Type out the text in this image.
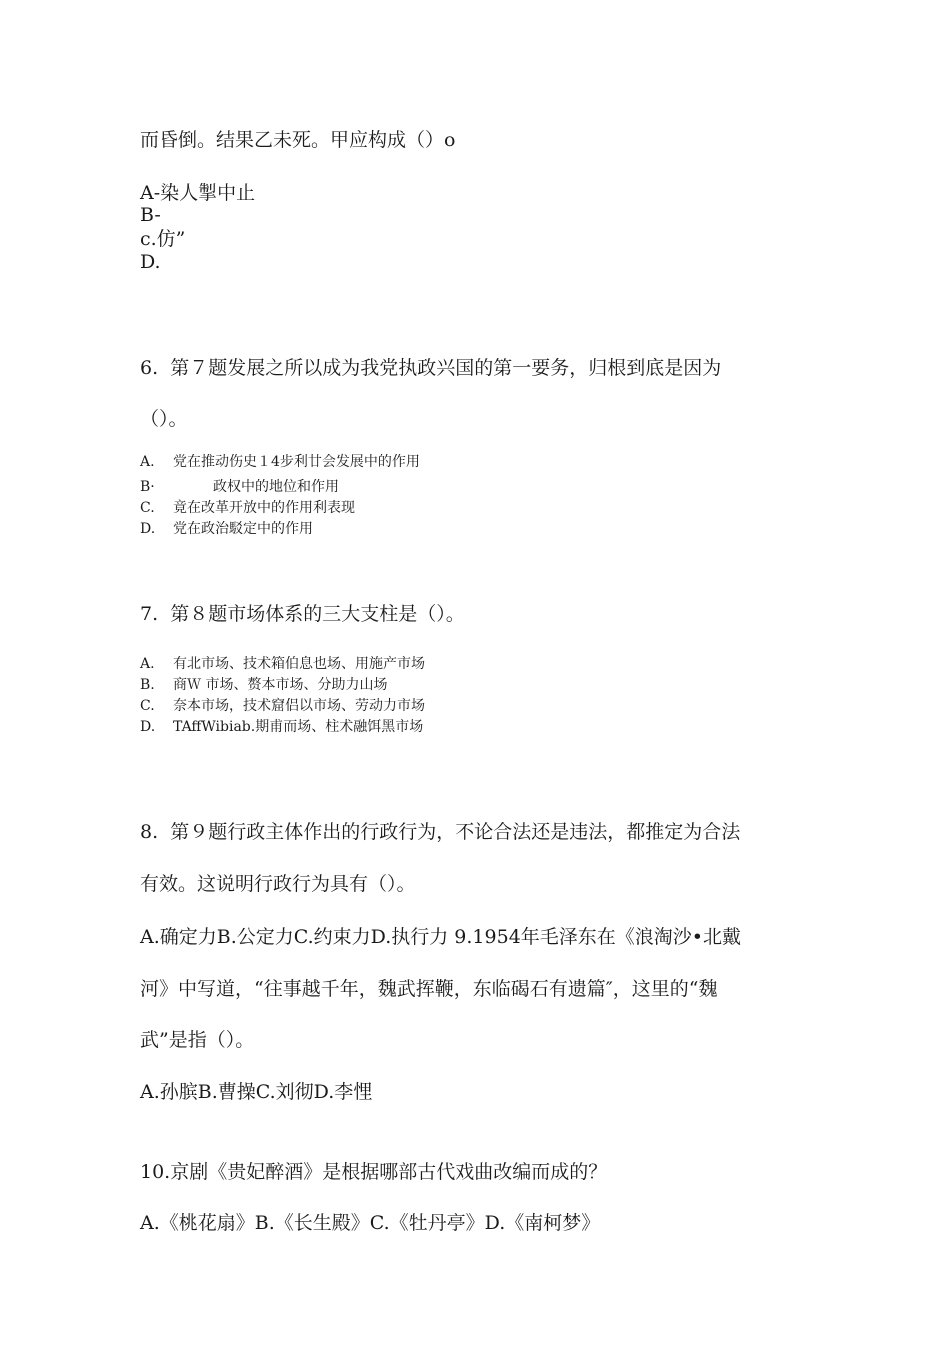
而昏倒。结果乙未死。甲应构成（）o
A-染人掣中止
B-
c.仿”
D.
6.  第７题发展之所以成为我党执政兴国的第一要务，归根到底是因为
（）。

A.

党在推动伤史１4步利廿会发展中的作用

B·

政权中的地位和作用

C.

竟在改革开放中的作用利表现

D.

党在政治駁定中的作用

7.  第８题市场体系的三大支柱是（）。

A.

有北市场、技术箱伯息也场、用施产市场

B.

商Ｗ 市场、赘本市场、分助力山场

C.

奈本市场，技术窟侣以市场、劳动力市场

D.

TAffWibiab.期甫而场、柱术融饵黑市场

8.  第９题行政主体作出的行政行为，不论合法还是违法，都推定为合法
有效。这说明行政行为具有（）。
A.确定力B.公定力C.约束力D.执行力 9.1954年毛泽东在《浪淘沙•北戴
河》中写道，“往事越千年，魏武挥鞭，东临碣石有遗篇″，这里的“魏
武”是指（）。
A.孙膑B.曹操C.刘彻D.李悝
10.京剧《贵妃醉酒》是根据哪部古代戏曲改编而成的？
A.《桃花扇》B.《长生殿》C.《牡丹亭》D.《南柯梦》
